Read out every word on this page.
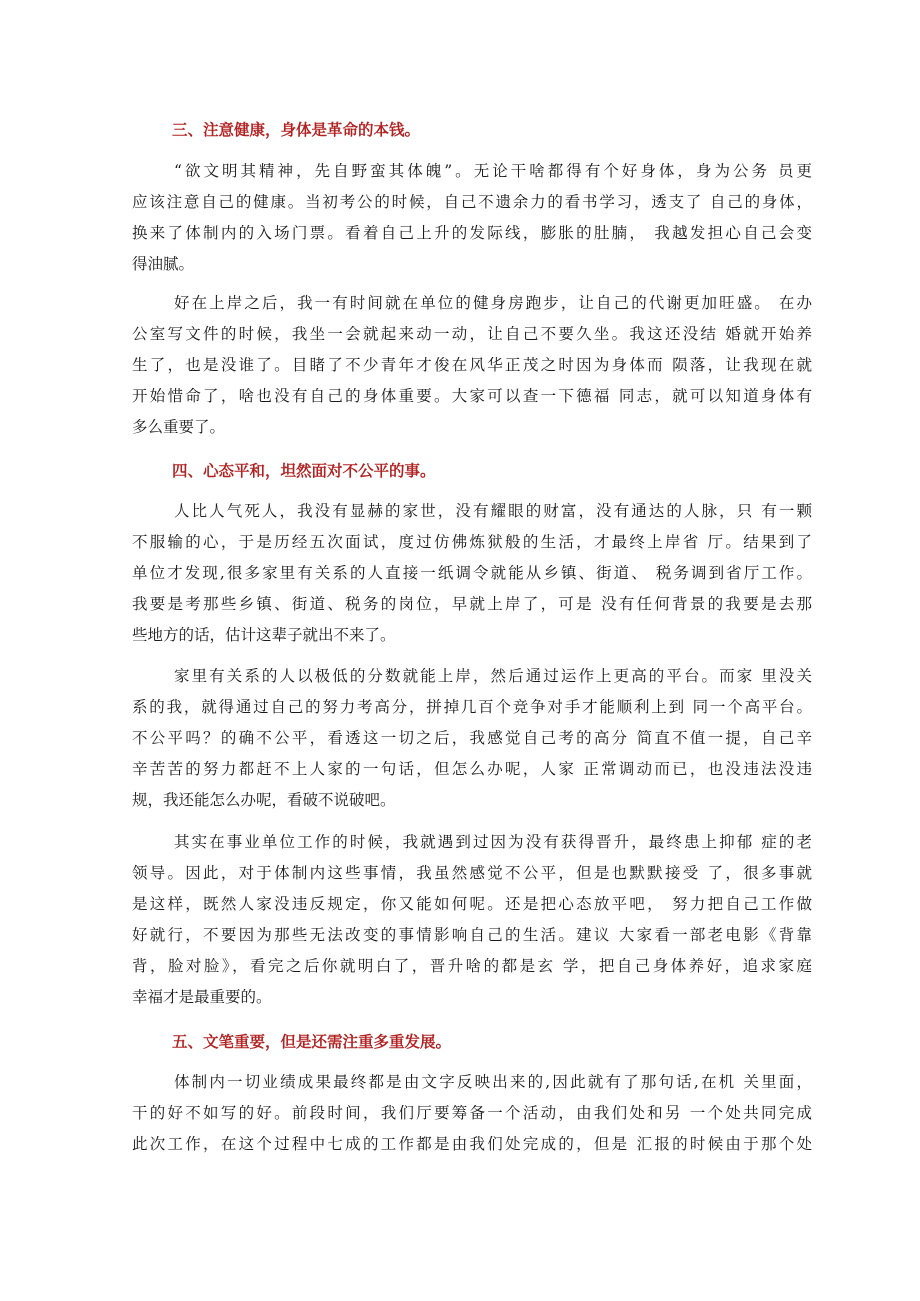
三、注意健康，身体是革命的本钱。
“欲文明其精神，先自野蛮其体魄”。无论干啥都得有个好身体，身为公务 员更
应该注意自己的健康。当初考公的时候，自己不遗余力的看书学习，透支了 自己的身体，
换来了体制内的入场门票。看着自己上升的发际线，膨胀的肚腩， 我越发担心自己会变
得油腻。
好在上岸之后，我一有时间就在单位的健身房跑步，让自己的代谢更加旺盛。 在办
公室写文件的时候，我坐一会就起来动一动，让自己不要久坐。我这还没结 婚就开始养
生了，也是没谁了。目睹了不少青年才俊在风华正茂之时因为身体而 陨落，让我现在就
开始惜命了，啥也没有自己的身体重要。大家可以查一下德福 同志，就可以知道身体有
多么重要了。
四、心态平和，坦然面对不公平的事。
人比人气死人，我没有显赫的家世，没有耀眼的财富，没有通达的人脉，只 有一颗
不服输的心，于是历经五次面试，度过仿佛炼狱般的生活，才最终上岸省 厅。结果到了
单位才发现,很多家里有关系的人直接一纸调令就能从乡镇、街道、 税务调到省厅工作。
我要是考那些乡镇、街道、税务的岗位，早就上岸了，可是 没有任何背景的我要是去那
些地方的话，估计这辈子就出不来了。
家里有关系的人以极低的分数就能上岸，然后通过运作上更高的平台。而家 里没关
系的我，就得通过自己的努力考高分，拼掉几百个竞争对手才能顺利上到 同一个高平台。
不公平吗？的确不公平，看透这一切之后，我感觉自己考的高分 简直不值一提，自己辛
辛苦苦的努力都赶不上人家的一句话，但怎么办呢，人家 正常调动而已，也没违法没违
规，我还能怎么办呢，看破不说破吧。
其实在事业单位工作的时候，我就遇到过因为没有获得晋升，最终患上抑郁 症的老
领导。因此，对于体制内这些事情，我虽然感觉不公平，但是也默默接受 了，很多事就
是这样，既然人家没违反规定，你又能如何呢。还是把心态放平吧， 努力把自己工作做
好就行，不要因为那些无法改变的事情影响自己的生活。建议 大家看一部老电影《背靠
背，脸对脸》，看完之后你就明白了，晋升啥的都是玄 学，把自己身体养好，追求家庭
幸福才是最重要的。
五、文笔重要，但是还需注重多重发展。
体制内一切业绩成果最终都是由文字反映出来的,因此就有了那句话,在机 关里面，
干的好不如写的好。前段时间，我们厅要筹备一个活动，由我们处和另 一个处共同完成
此次工作，在这个过程中七成的工作都是由我们处完成的，但是 汇报的时候由于那个处
